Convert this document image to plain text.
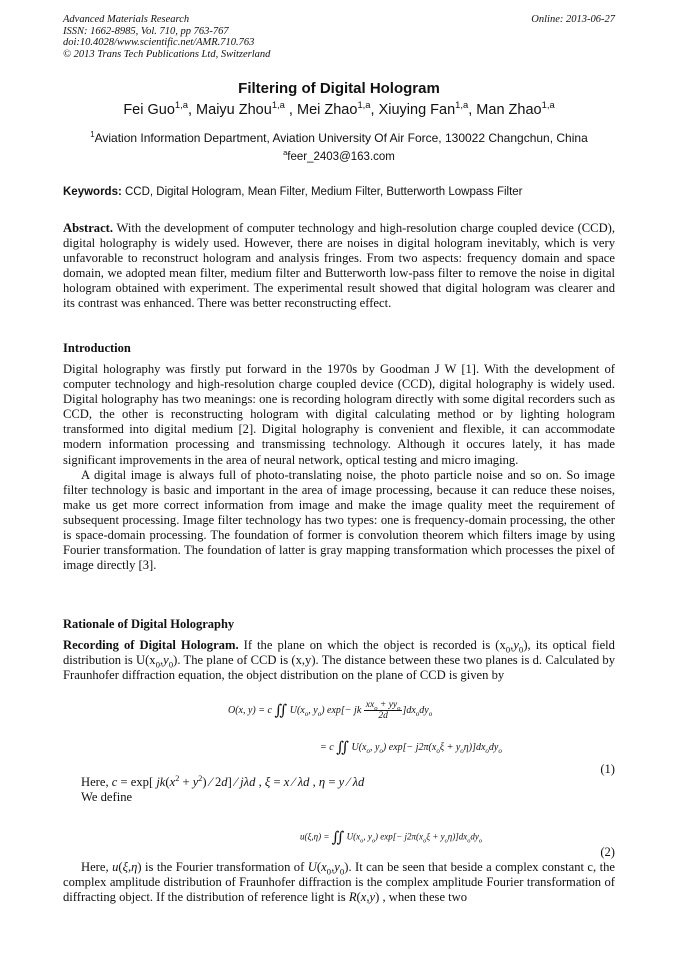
Advanced Materials Research
ISSN: 1662-8985, Vol. 710, pp 763-767
doi:10.4028/www.scientific.net/AMR.710.763
© 2013 Trans Tech Publications Ltd, Switzerland
Online: 2013-06-27
Filtering of Digital Hologram
Fei Guo$^{1,a}$, Maiyu Zhou$^{1,a}$ , Mei Zhao$^{1,a}$, Xiuying Fan$^{1,a}$, Man Zhao$^{1,a}$
$^1$Aviation Information Department, Aviation University Of Air Force, 130022 Changchun, China
$^a$feer_2403@163.com
Keywords: CCD, Digital Hologram, Mean Filter, Medium Filter, Butterworth Lowpass Filter

Abstract. With the development of computer technology and high-resolution charge coupled device (CCD), digital holography is widely used. However, there are noises in digital hologram inevitably, which is very unfavorable to reconstruct hologram and analysis fringes. From two aspects: frequency domain and space domain, we adopted mean filter, medium filter and Butterworth low-pass filter to remove the noise in digital hologram obtained with experiment. The experimental result showed that digital hologram was clearer and its contrast was enhanced. There was better reconstructing effect.

Introduction

Digital holography was firstly put forward in the 1970s by Goodman J W [1]. With the development of computer technology and high-resolution charge coupled device (CCD), digital holography is widely used. Digital holography has two meanings: one is recording hologram directly with some digital recorders such as CCD, the other is reconstructing hologram with digital calculating method or by lighting hologram transformed into digital medium [2]. Digital holography is convenient and flexible, it can accommodate modern information processing and transmissing technology. Although it occures lately, it has made significant improvements in the area of neural network, optical testing and micro imaging.

A digital image is always full of photo-translating noise, the photo particle noise and so on. So image filter technology is basic and important in the area of image processing, because it can reduce these noises, make us get more correct information from image and make the image quality meet the requirement of subsequent processing. Image filter technology has two types: one is frequency-domain processing, the other is space-domain processing. The foundation of former is convolution theorem which filters image by using Fourier transformation. The foundation of latter is gray mapping transformation which processes the pixel of image directly [3].

Rationale of Digital Holography

Recording of Digital Hologram. If the plane on which the object is recorded is $(x_0,y_0)$, its optical field distribution is $U(x_0,y_0)$. The plane of CCD is (x,y). The distance between these two planes is d. Calculated by Fraunhofer diffraction equation, the object distribution on the plane of CCD is given by

O(x, y) = c ∬ $U(x_o$, $y_o$) exp[− jk $\frac{xx_o + yy_o}{2d} ]dx_ody_o$
= c ∬ $U(x_o$, $y_o$) $\exp[- j2\pi(x_o\xi + y_o\eta)]dx_ody_o$
(1)

Here, c = exp[ $jk(x^2 + y^2)$ ⁄ 2d] ⁄ jλd , ξ = x ⁄ λd , η = y ⁄ λd

We define

u(ξ,η) = ∬ $U(x_o$, $y_o$) $\exp[- j2\pi(x_o\xi + y_o\eta)]dx_ody_o$
(2)

Here, u(ξ,η) is the Fourier transformation of $U(x_0,y_0)$. It can be seen that beside a complex constant c, the complex amplitude distribution of Fraunhofer diffraction is the complex amplitude Fourier transformation of diffracting object. If the distribution of reference light is R(x,y) , when these two
